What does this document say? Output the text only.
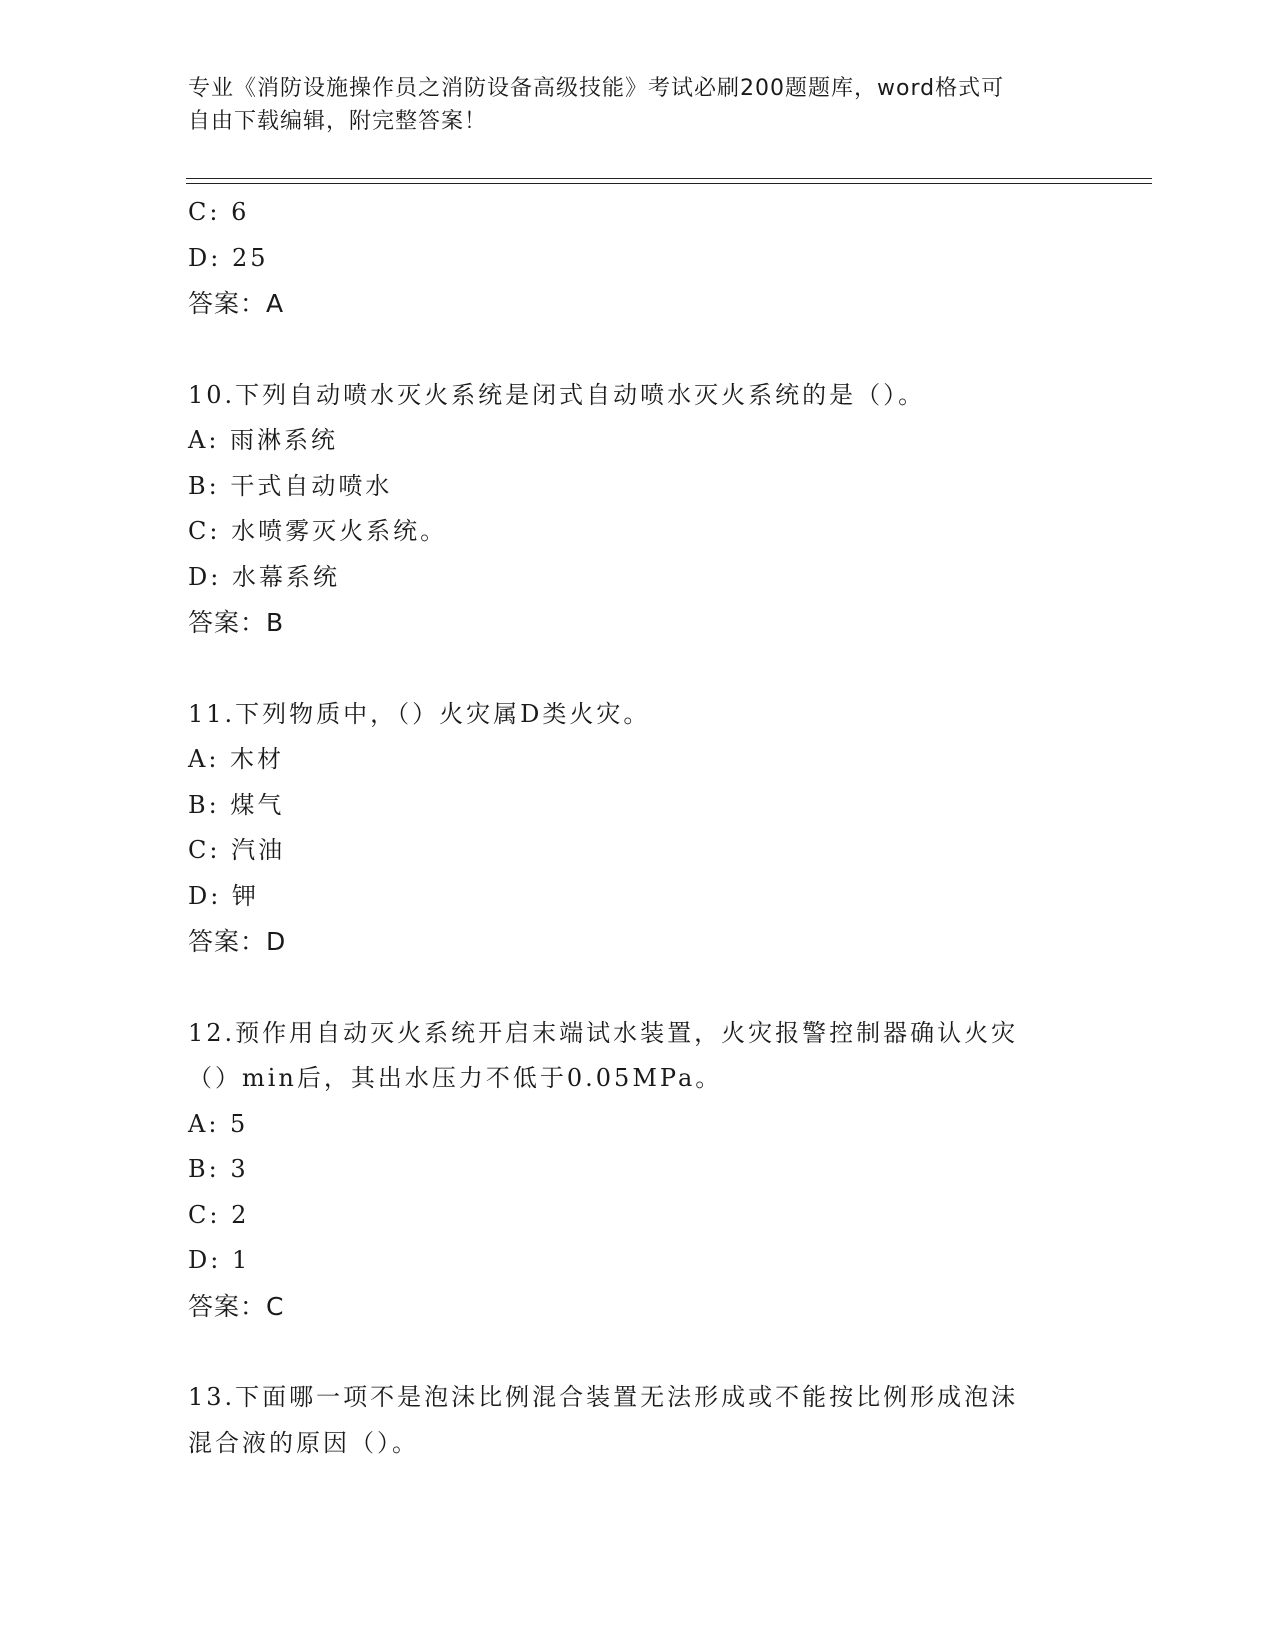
专业《消防设施操作员之消防设备高级技能》考试必刷200题题库，word格式可
自由下载编辑，附完整答案！
C: 6
D: 25
答案：A
10.下列自动喷水灭火系统是闭式自动喷水灭火系统的是（）。
A: 雨淋系统
B: 干式自动喷水
C: 水喷雾灭火系统。
D: 水幕系统
答案：B
11.下列物质中，（）火灾属D类火灾。
A: 木材
B: 煤气
C: 汽油
D: 钾
答案：D
12.预作用自动灭火系统开启末端试水装置，火灾报警控制器确认火灾
（）min后，其出水压力不低于0.05MPa。
A: 5
B: 3
C: 2
D: 1
答案：C
13.下面哪一项不是泡沫比例混合装置无法形成或不能按比例形成泡沫
混合液的原因（）。
